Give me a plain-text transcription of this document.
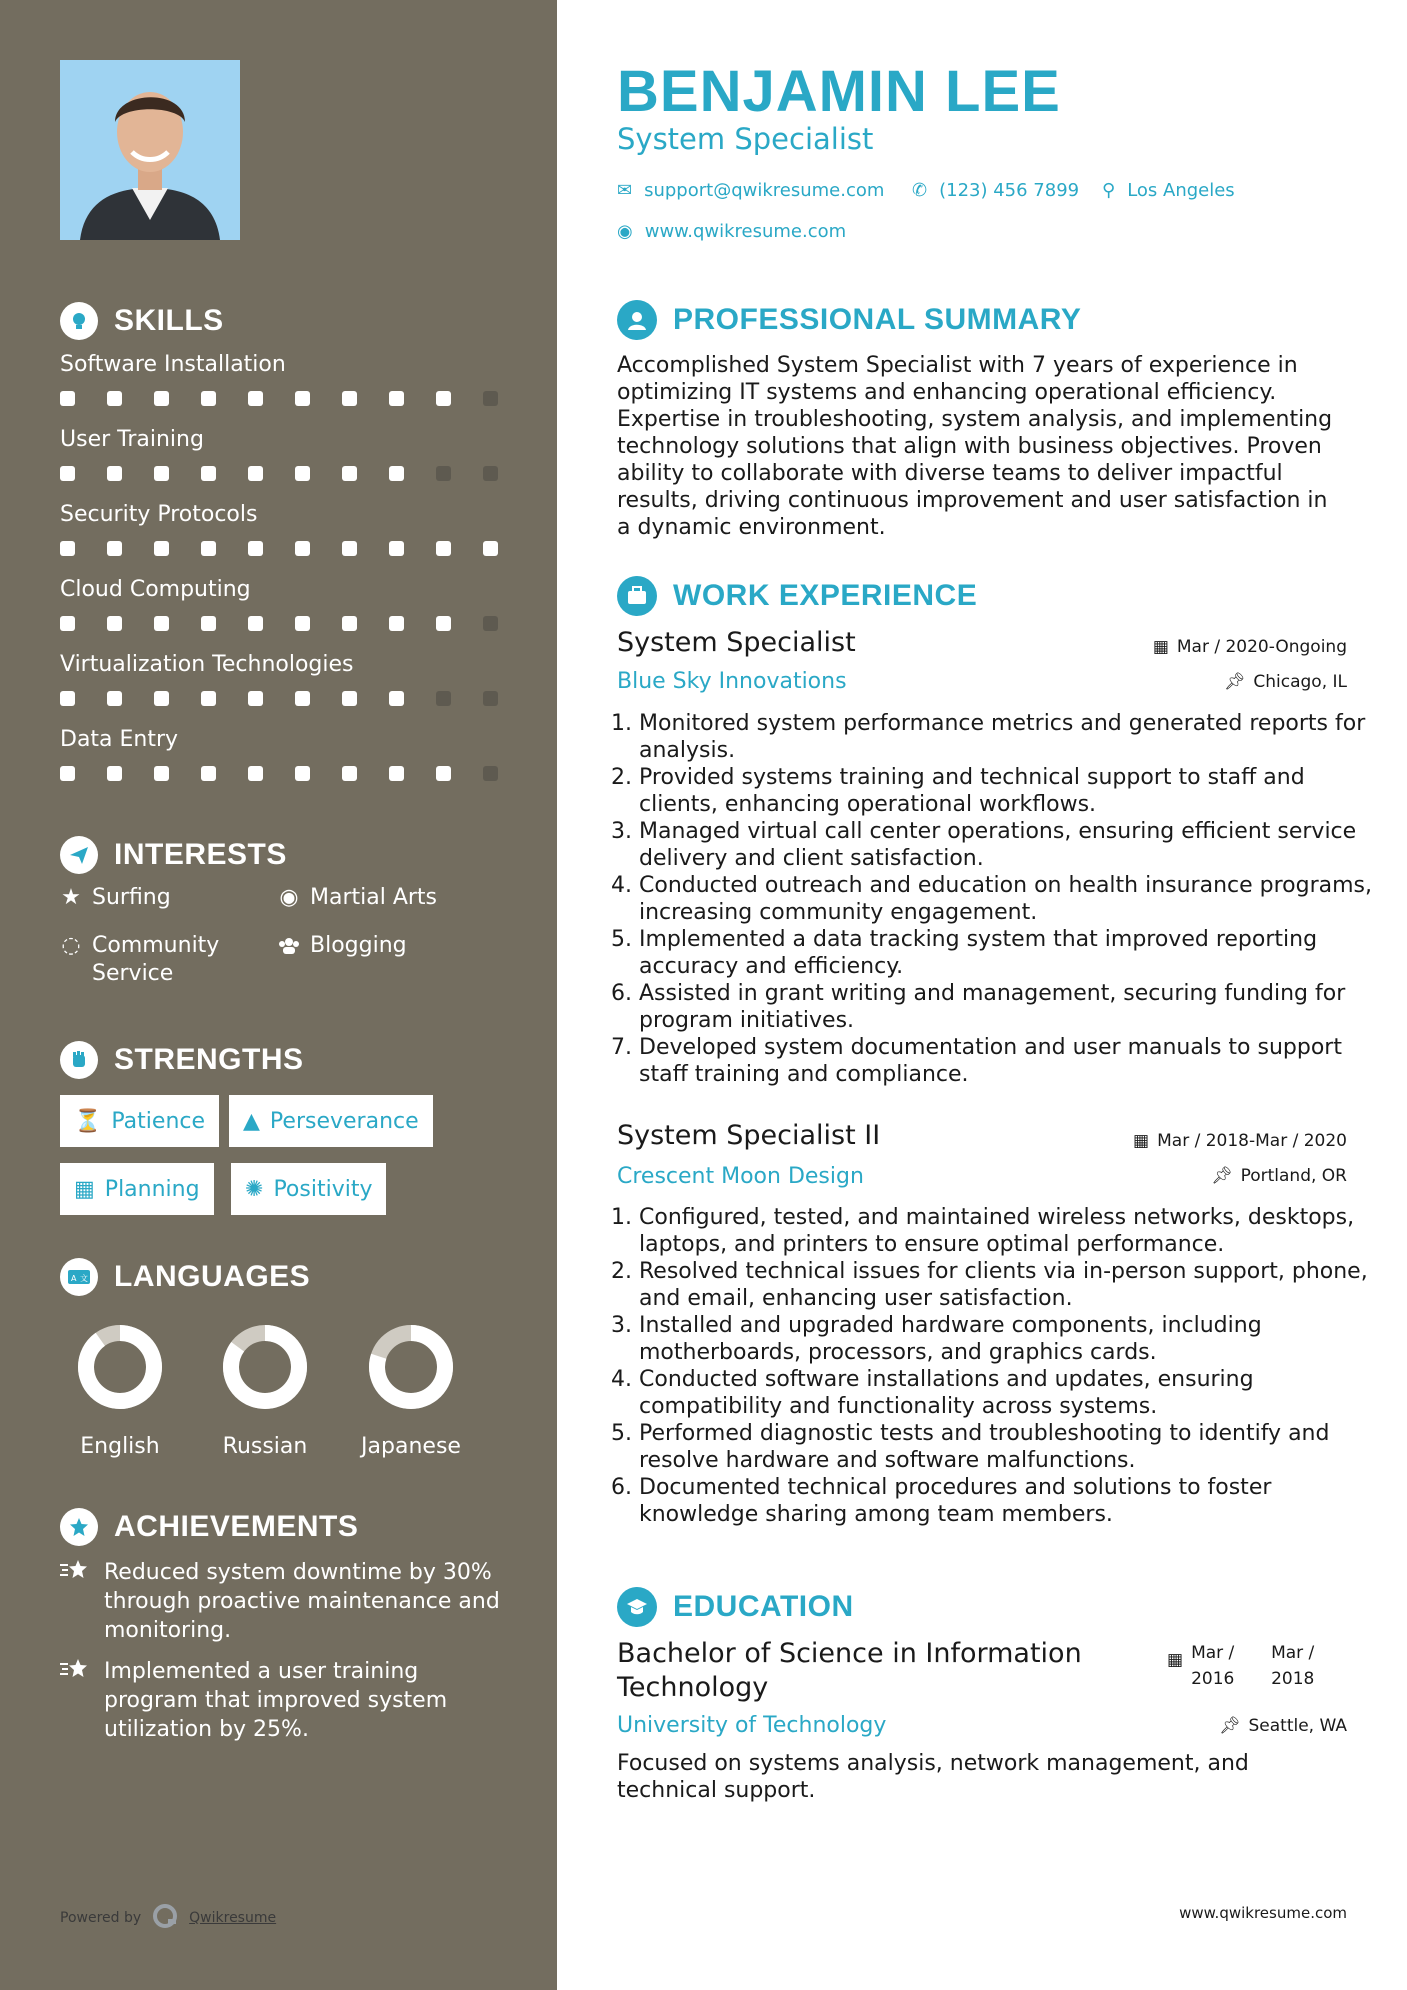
SKILLS
Software Installation
User Training
Security Protocols
Cloud Computing
Virtualization Technologies
Data Entry
INTERESTS
★ Surfing	◉ Martial Arts
◌ Community Service
Blogging
STRENGTHS
⏳ Patience ▲ Perseverance
▦ Planning ✺ Positivity
A 文 LANGUAGES
English	Russian	Japanese
ACHIEVEMENTS
Reduced system downtime by 30% through proactive maintenance and monitoring.
Implemented a user training program that improved system utilization by 25%.
Powered by	Qwikresume
BENJAMIN LEE
System Specialist
✉ support@qwikresume.com ✆ (123) 456 7899 ⚲ Los Angeles
◉ www.qwikresume.com
PROFESSIONAL SUMMARY
Accomplished System Specialist with 7 years of experience in optimizing IT systems and enhancing operational efficiency. Expertise in troubleshooting, system analysis, and implementing technology solutions that align with business objectives. Proven ability to collaborate with diverse teams to deliver impactful results, driving continuous improvement and user satisfaction in a dynamic environment.
WORK EXPERIENCE
System Specialist	▦ Mar / 2020-Ongoing
Blue Sky Innovations	📌︎ Chicago, IL
1. Monitored system performance metrics and generated reports for analysis.
2. Provided systems training and technical support to staff and clients, enhancing operational workflows.
3. Managed virtual call center operations, ensuring efficient service delivery and client satisfaction.
4. Conducted outreach and education on health insurance programs, increasing community engagement.
5. Implemented a data tracking system that improved reporting accuracy and efficiency.
6. Assisted in grant writing and management, securing funding for program initiatives.
7. Developed system documentation and user manuals to support staff training and compliance.
System Specialist II	▦ Mar / 2018-Mar / 2020
Crescent Moon Design	📌︎ Portland, OR
1. Configured, tested, and maintained wireless networks, desktops, laptops, and printers to ensure optimal performance.
2. Resolved technical issues for clients via in-person support, phone, and email, enhancing user satisfaction.
3. Installed and upgraded hardware components, including motherboards, processors, and graphics cards.
4. Conducted software installations and updates, ensuring compatibility and functionality across systems.
5. Performed diagnostic tests and troubleshooting to identify and resolve hardware and software malfunctions.
6. Documented technical procedures and solutions to foster knowledge sharing among team members.
EDUCATION
Bachelor of Science in Information Technology
▦ Mar / 2016
Mar / 2018
University of Technology	📌︎ Seattle, WA
Focused on systems analysis, network management, and technical support.
www.qwikresume.com
